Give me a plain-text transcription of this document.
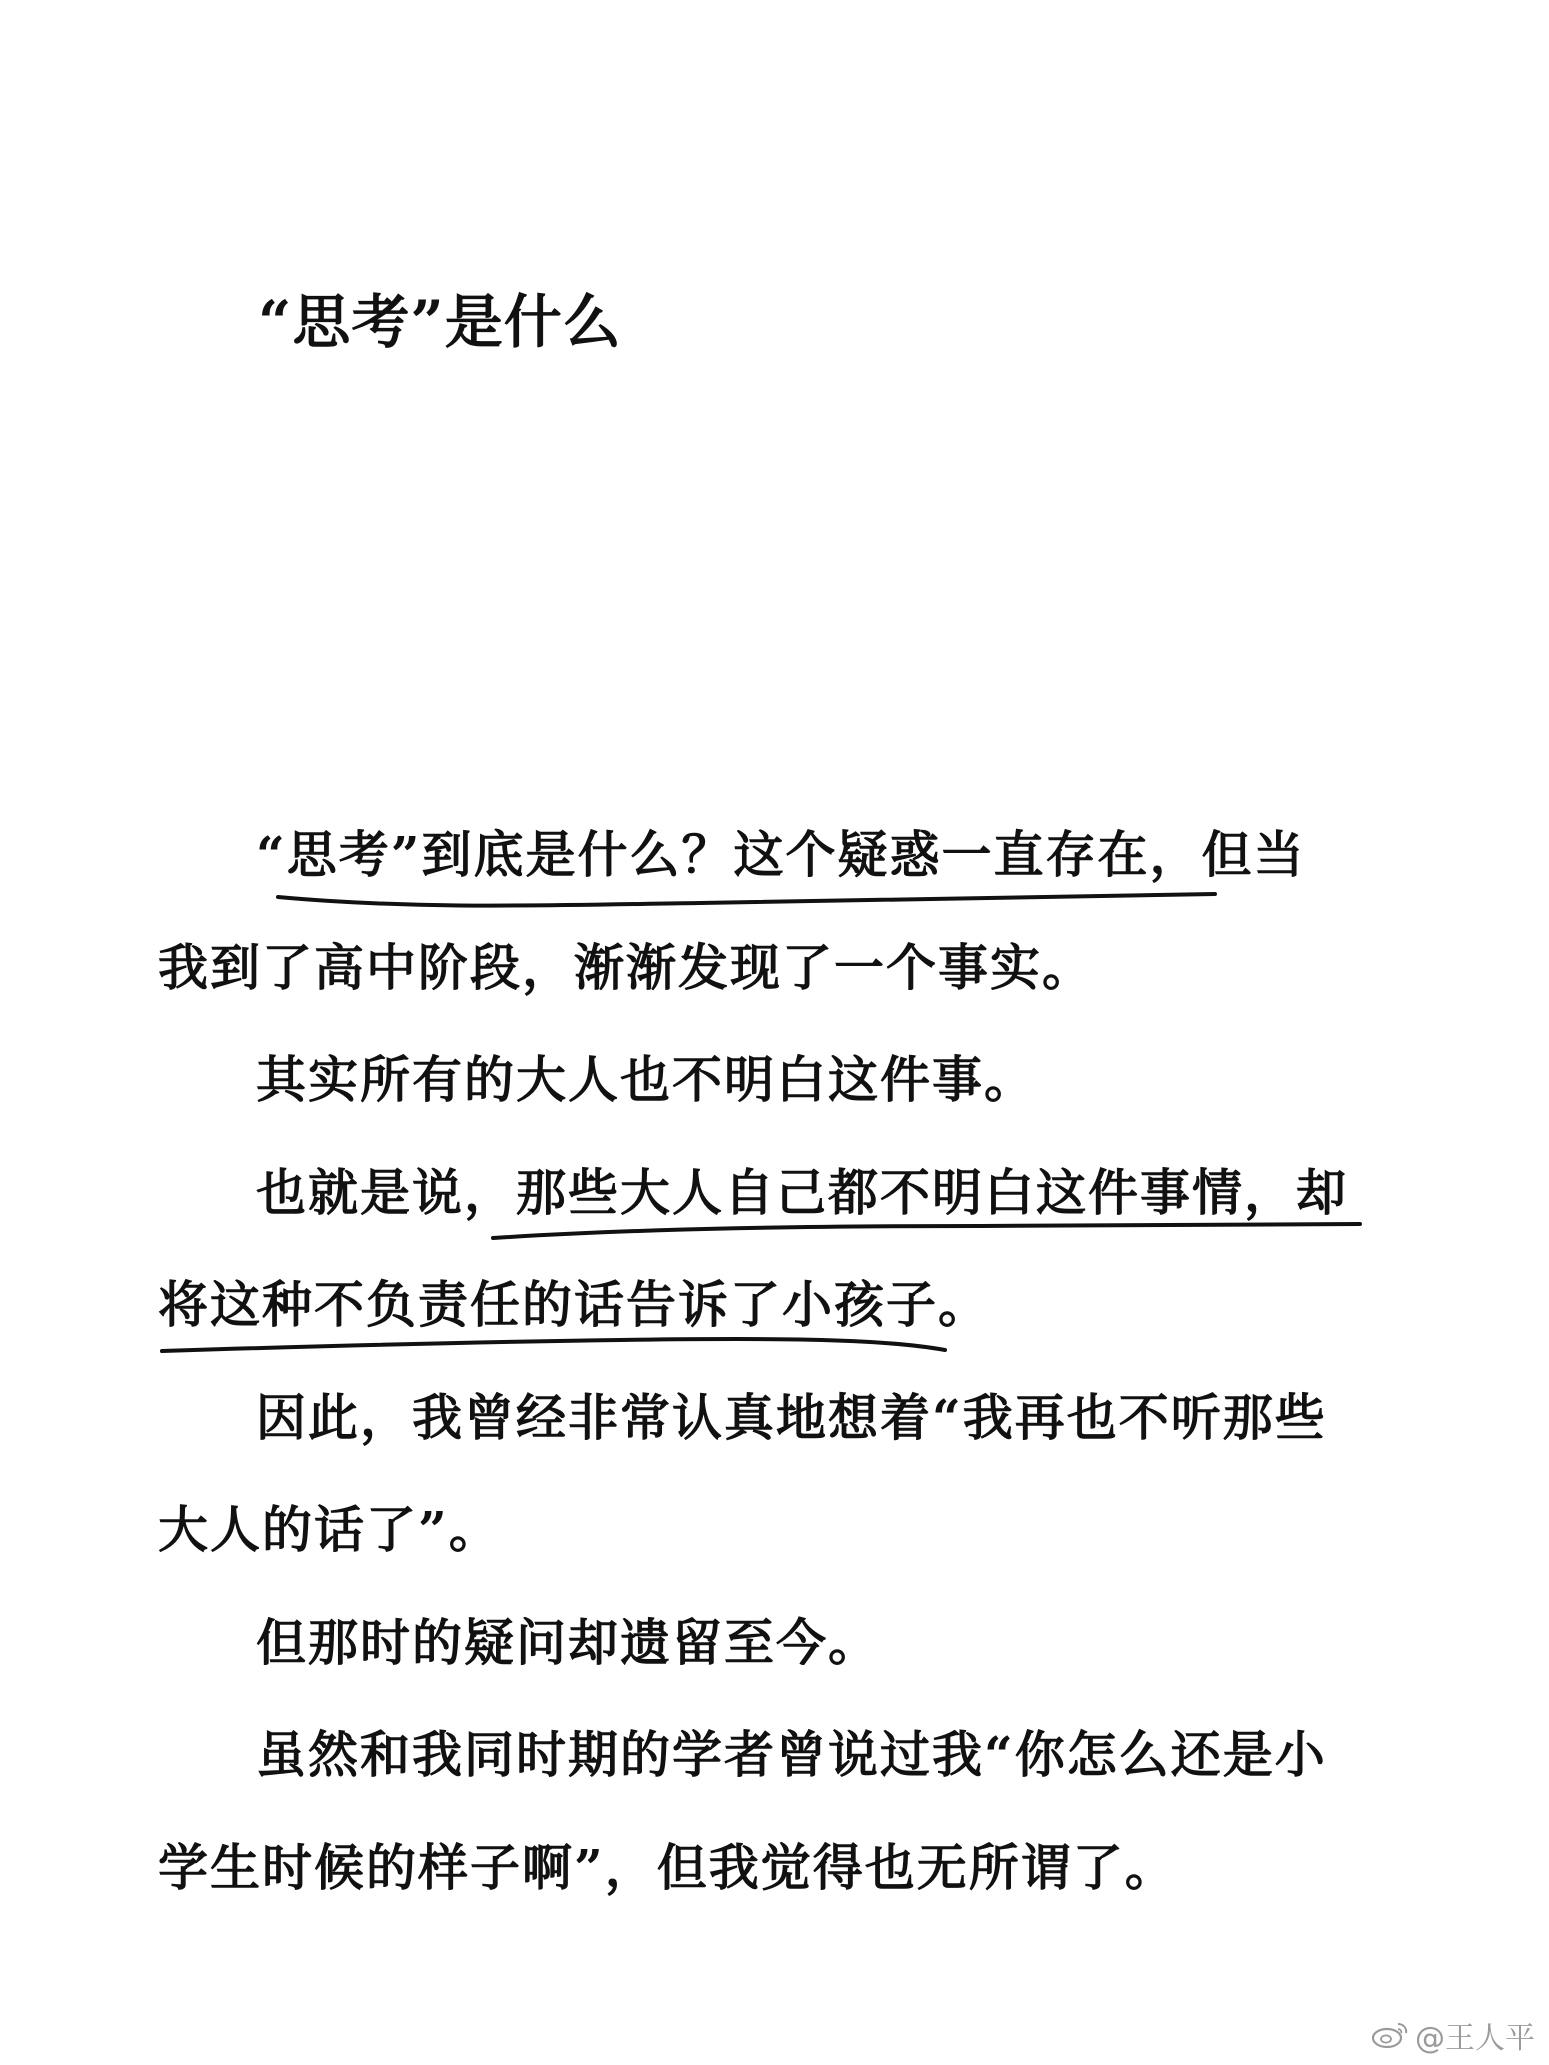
“思考”是什么
“思考”到底是什么？这个疑惑一直存在，但当
我到了高中阶段，渐渐发现了一个事实。
其实所有的大人也不明白这件事。
也就是说，那些大人自己都不明白这件事情，却
将这种不负责任的话告诉了小孩子。
因此，我曾经非常认真地想着“我再也不听那些
大人的话了”。
但那时的疑问却遗留至今。
虽然和我同时期的学者曾说过我“你怎么还是小
学生时候的样子啊”，但我觉得也无所谓了。
@王人平
